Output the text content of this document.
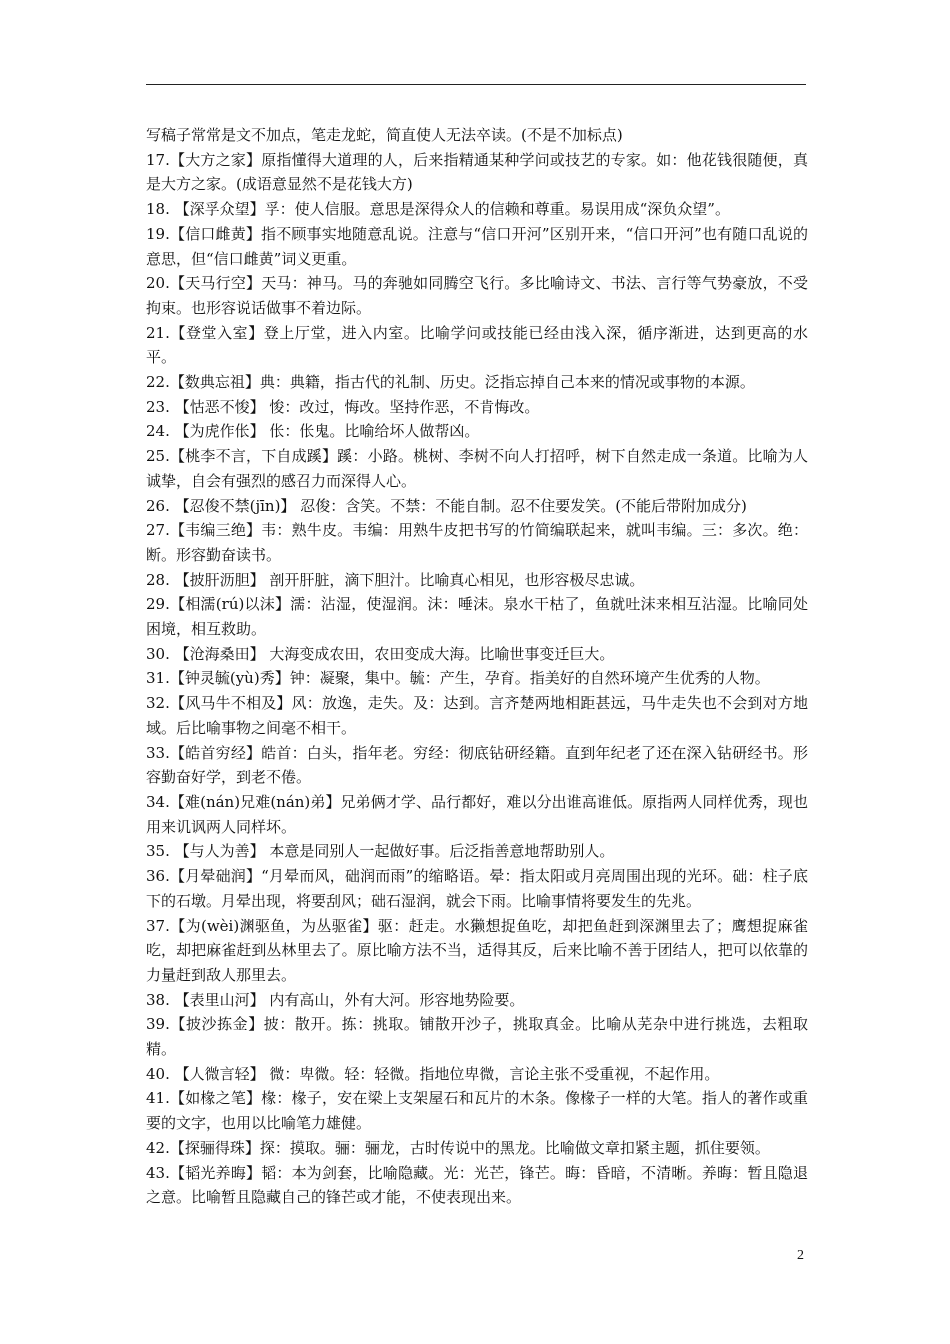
写稿子常常是文不加点，笔走龙蛇，简直使人无法卒读。(不是不加标点)

17.【大方之家】原指懂得大道理的人，后来指精通某种学问或技艺的专家。如：他花钱很随便，真是大方之家。(成语意显然不是花钱大方)

18. 【深孚众望】孚：使人信服。意思是深得众人的信赖和尊重。易误用成“深负众望”。

19.【信口雌黄】指不顾事实地随意乱说。注意与“信口开河”区别开来，“信口开河”也有随口乱说的意思，但“信口雌黄”词义更重。

20.【天马行空】天马：神马。马的奔驰如同腾空飞行。多比喻诗文、书法、言行等气势豪放，不受拘束。也形容说话做事不着边际。

21.【登堂入室】登上厅堂，进入内室。比喻学问或技能已经由浅入深，循序渐进，达到更高的水平。

22.【数典忘祖】典：典籍，指古代的礼制、历史。泛指忘掉自己本来的情况或事物的本源。

23. 【怙恶不悛】 悛：改过，悔改。坚持作恶，不肯悔改。

24. 【为虎作伥】 伥：伥鬼。比喻给坏人做帮凶。

25.【桃李不言，下自成蹊】蹊：小路。桃树、李树不向人打招呼，树下自然走成一条道。比喻为人诚挚，自会有强烈的感召力而深得人心。

26. 【忍俊不禁(jīn)】 忍俊：含笑。不禁：不能自制。忍不住要发笑。(不能后带附加成分)

27.【韦编三绝】韦：熟牛皮。韦编：用熟牛皮把书写的竹简编联起来，就叫韦编。三：多次。绝：断。形容勤奋读书。

28. 【披肝沥胆】 剖开肝脏，滴下胆汁。比喻真心相见，也形容极尽忠诚。

29.【相濡(rú)以沫】濡：沾湿，使湿润。沫：唾沫。泉水干枯了，鱼就吐沫来相互沾湿。比喻同处困境，相互救助。

30. 【沧海桑田】 大海变成农田，农田变成大海。比喻世事变迁巨大。

31.【钟灵毓(yù)秀】钟：凝聚，集中。毓：产生，孕育。指美好的自然环境产生优秀的人物。

32.【风马牛不相及】风：放逸，走失。及：达到。言齐楚两地相距甚远，马牛走失也不会到对方地域。后比喻事物之间毫不相干。

33.【皓首穷经】皓首：白头，指年老。穷经：彻底钻研经籍。直到年纪老了还在深入钻研经书。形容勤奋好学，到老不倦。

34.【难(nán)兄难(nán)弟】兄弟俩才学、品行都好，难以分出谁高谁低。原指两人同样优秀，现也用来讥讽两人同样坏。

35. 【与人为善】 本意是同别人一起做好事。后泛指善意地帮助别人。

36.【月晕础润】“月晕而风，础润而雨”的缩略语。晕：指太阳或月亮周围出现的光环。础：柱子底下的石墩。月晕出现，将要刮风；础石湿润，就会下雨。比喻事情将要发生的先兆。

37.【为(wèi)渊驱鱼，为丛驱雀】驱：赶走。水獭想捉鱼吃，却把鱼赶到深渊里去了；鹰想捉麻雀吃，却把麻雀赶到丛林里去了。原比喻方法不当，适得其反，后来比喻不善于团结人，把可以依靠的力量赶到敌人那里去。

38. 【表里山河】 内有高山，外有大河。形容地势险要。

39.【披沙拣金】披：散开。拣：挑取。铺散开沙子，挑取真金。比喻从芜杂中进行挑选，去粗取精。

40. 【人微言轻】 微：卑微。轻：轻微。指地位卑微，言论主张不受重视，不起作用。

41.【如椽之笔】椽：椽子，安在梁上支架屋石和瓦片的木条。像椽子一样的大笔。指人的著作或重要的文字，也用以比喻笔力雄健。

42.【探骊得珠】探：摸取。骊：骊龙，古时传说中的黑龙。比喻做文章扣紧主题，抓住要领。

43.【韬光养晦】韬：本为剑套，比喻隐藏。光：光芒，锋芒。晦：昏暗，不清晰。养晦：暂且隐退之意。比喻暂且隐藏自己的锋芒或才能，不使表现出来。

2
